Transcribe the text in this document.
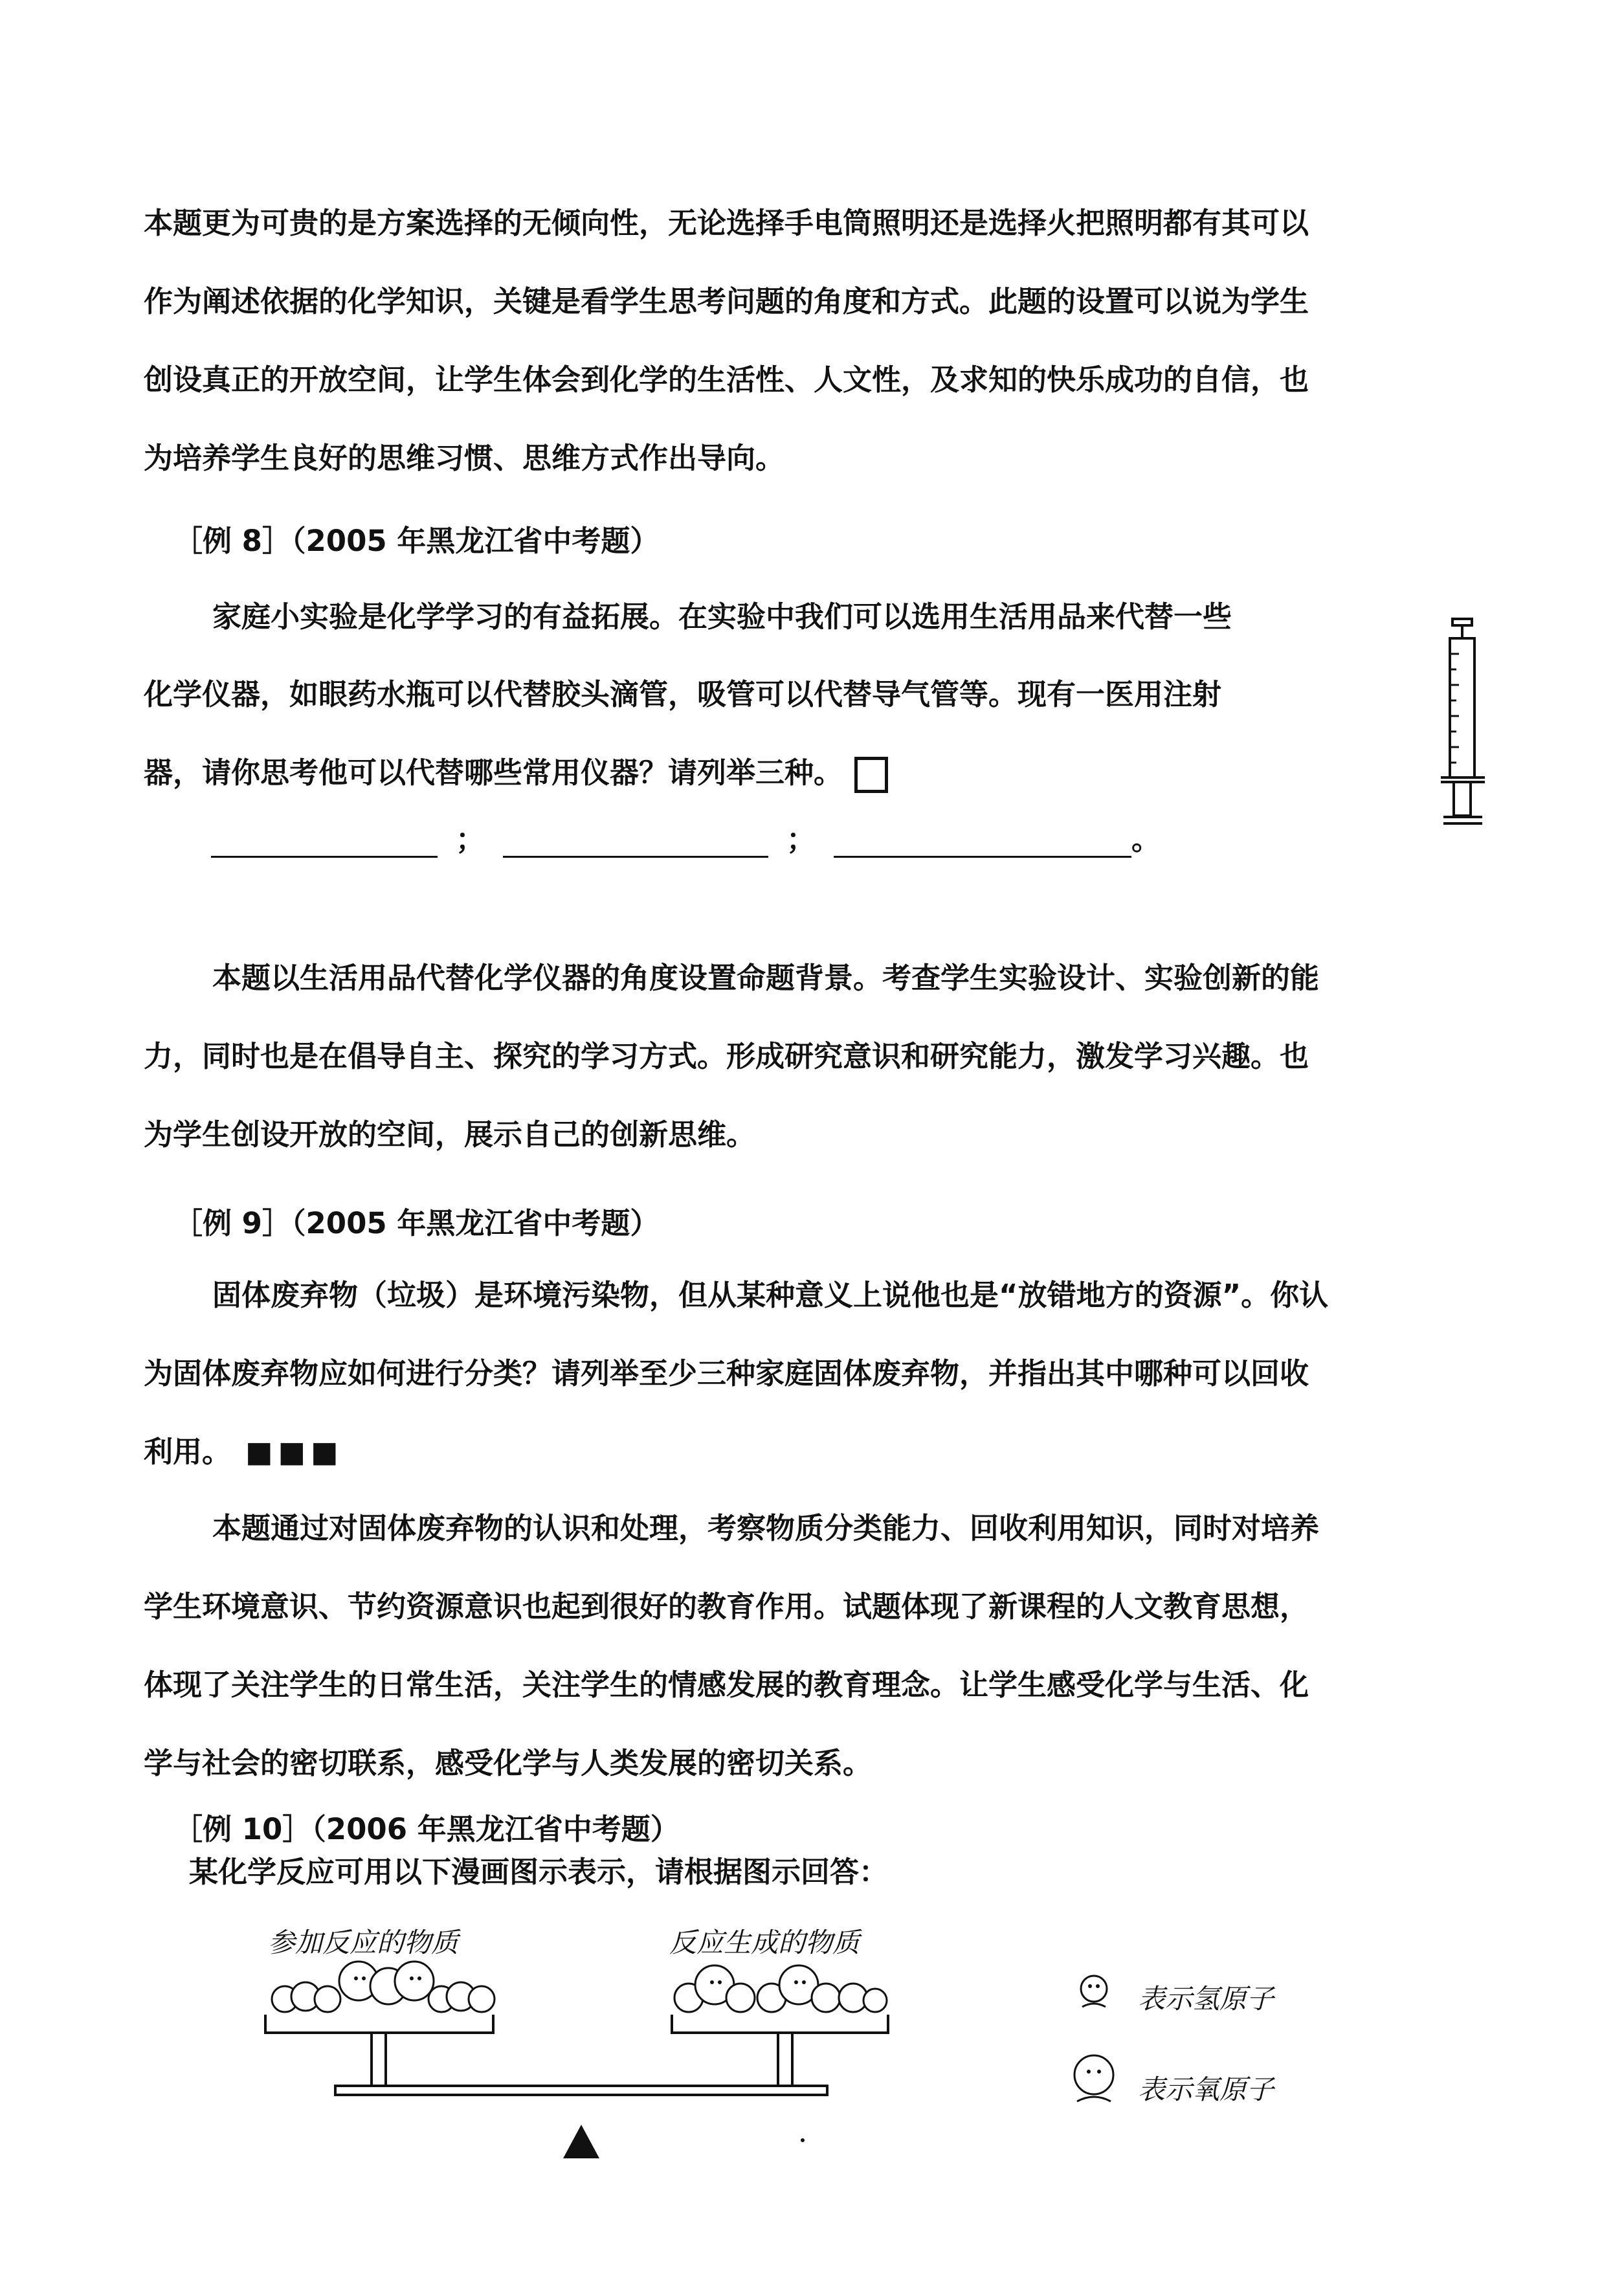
本题更为可贵的是方案选择的无倾向性，无论选择手电筒照明还是选择火把照明都有其可以
作为阐述依据的化学知识，关键是看学生思考问题的角度和方式。此题的设置可以说为学生
创设真正的开放空间，让学生体会到化学的生活性、人文性，及求知的快乐成功的自信，也
为培养学生良好的思维习惯、思维方式作出导向。
［例 8］（2005 年黑龙江省中考题）
家庭小实验是化学学习的有益拓展。在实验中我们可以选用生活用品来代替一些
化学仪器，如眼药水瓶可以代替胶头滴管，吸管可以代替导气管等。现有一医用注射
器，请你思考他可以代替哪些常用仪器？请列举三种。
；	；	。
本题以生活用品代替化学仪器的角度设置命题背景。考查学生实验设计、实验创新的能
力，同时也是在倡导自主、探究的学习方式。形成研究意识和研究能力，激发学习兴趣。也
为学生创设开放的空间，展示自己的创新思维。
［例 9］（2005 年黑龙江省中考题）
固体废弃物（垃圾）是环境污染物，但从某种意义上说他也是“放错地方的资源”。你认
为固体废弃物应如何进行分类？请列举至少三种家庭固体废弃物，并指出其中哪种可以回收
利用。 ■■■
本题通过对固体废弃物的认识和处理，考察物质分类能力、回收利用知识，同时对培养
学生环境意识、节约资源意识也起到很好的教育作用。试题体现了新课程的人文教育思想，
体现了关注学生的日常生活，关注学生的情感发展的教育理念。让学生感受化学与生活、化
学与社会的密切联系，感受化学与人类发展的密切关系。
［例 10］（2006 年黑龙江省中考题）
某化学反应可用以下漫画图示表示，请根据图示回答：
参加反应的物质	反应生成的物质
表示氢原子
表示氧原子
